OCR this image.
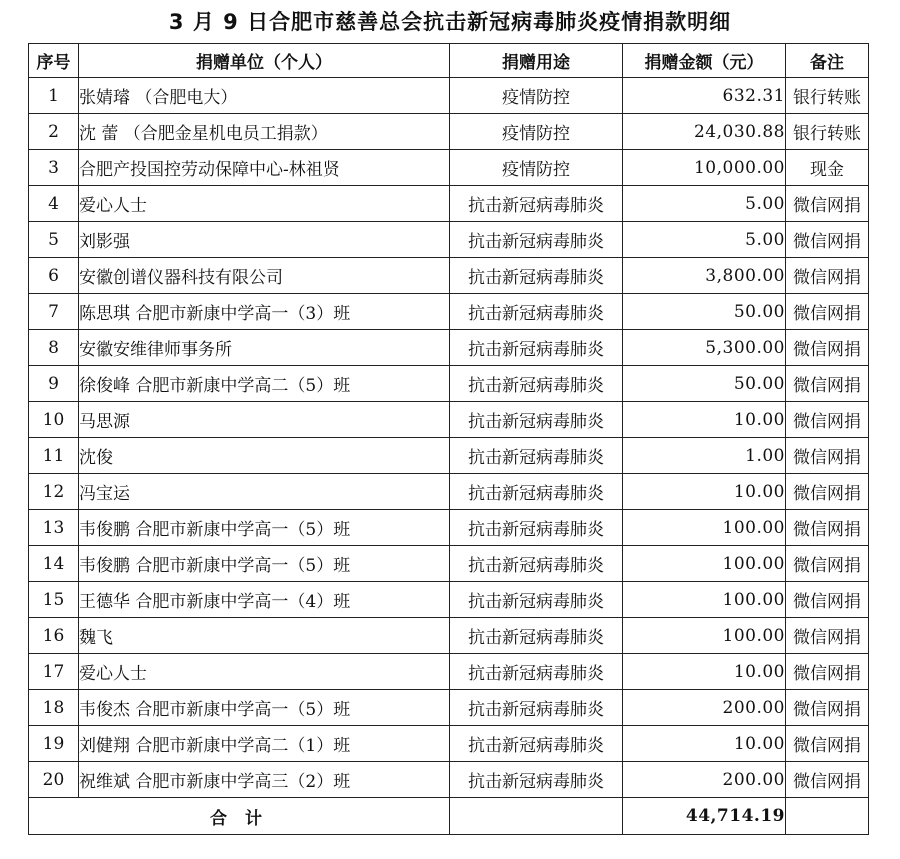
3 月 9 日合肥市慈善总会抗击新冠病毒肺炎疫情捐款明细
序号	捐赠单位（个人）	捐赠用途	捐赠金额（元）	备注
1	张婧璿 （合肥电大）	疫情防控	632.31	银行转账
2	沈 蕾 （合肥金星机电员工捐款）	疫情防控	24,030.88	银行转账
3	合肥产投国控劳动保障中心-林祖贤	疫情防控	10,000.00	现金
4	爱心人士	抗击新冠病毒肺炎	5.00	微信网捐
5	刘影强	抗击新冠病毒肺炎	5.00	微信网捐
6	安徽创谱仪器科技有限公司	抗击新冠病毒肺炎	3,800.00	微信网捐
7	陈思琪 合肥市新康中学高一（3）班	抗击新冠病毒肺炎	50.00	微信网捐
8	安徽安维律师事务所	抗击新冠病毒肺炎	5,300.00	微信网捐
9	徐俊峰 合肥市新康中学高二（5）班	抗击新冠病毒肺炎	50.00	微信网捐
10	马思源	抗击新冠病毒肺炎	10.00	微信网捐
11	沈俊	抗击新冠病毒肺炎	1.00	微信网捐
12	冯宝运	抗击新冠病毒肺炎	10.00	微信网捐
13	韦俊鹏 合肥市新康中学高一（5）班	抗击新冠病毒肺炎	100.00	微信网捐
14	韦俊鹏 合肥市新康中学高一（5）班	抗击新冠病毒肺炎	100.00	微信网捐
15	王德华 合肥市新康中学高一（4）班	抗击新冠病毒肺炎	100.00	微信网捐
16	魏飞	抗击新冠病毒肺炎	100.00	微信网捐
17	爱心人士	抗击新冠病毒肺炎	10.00	微信网捐
18	韦俊杰 合肥市新康中学高一（5）班	抗击新冠病毒肺炎	200.00	微信网捐
19	刘健翔 合肥市新康中学高二（1）班	抗击新冠病毒肺炎	10.00	微信网捐
20	祝维斌 合肥市新康中学高三（2）班	抗击新冠病毒肺炎	200.00	微信网捐
合 计			44,714.19	
